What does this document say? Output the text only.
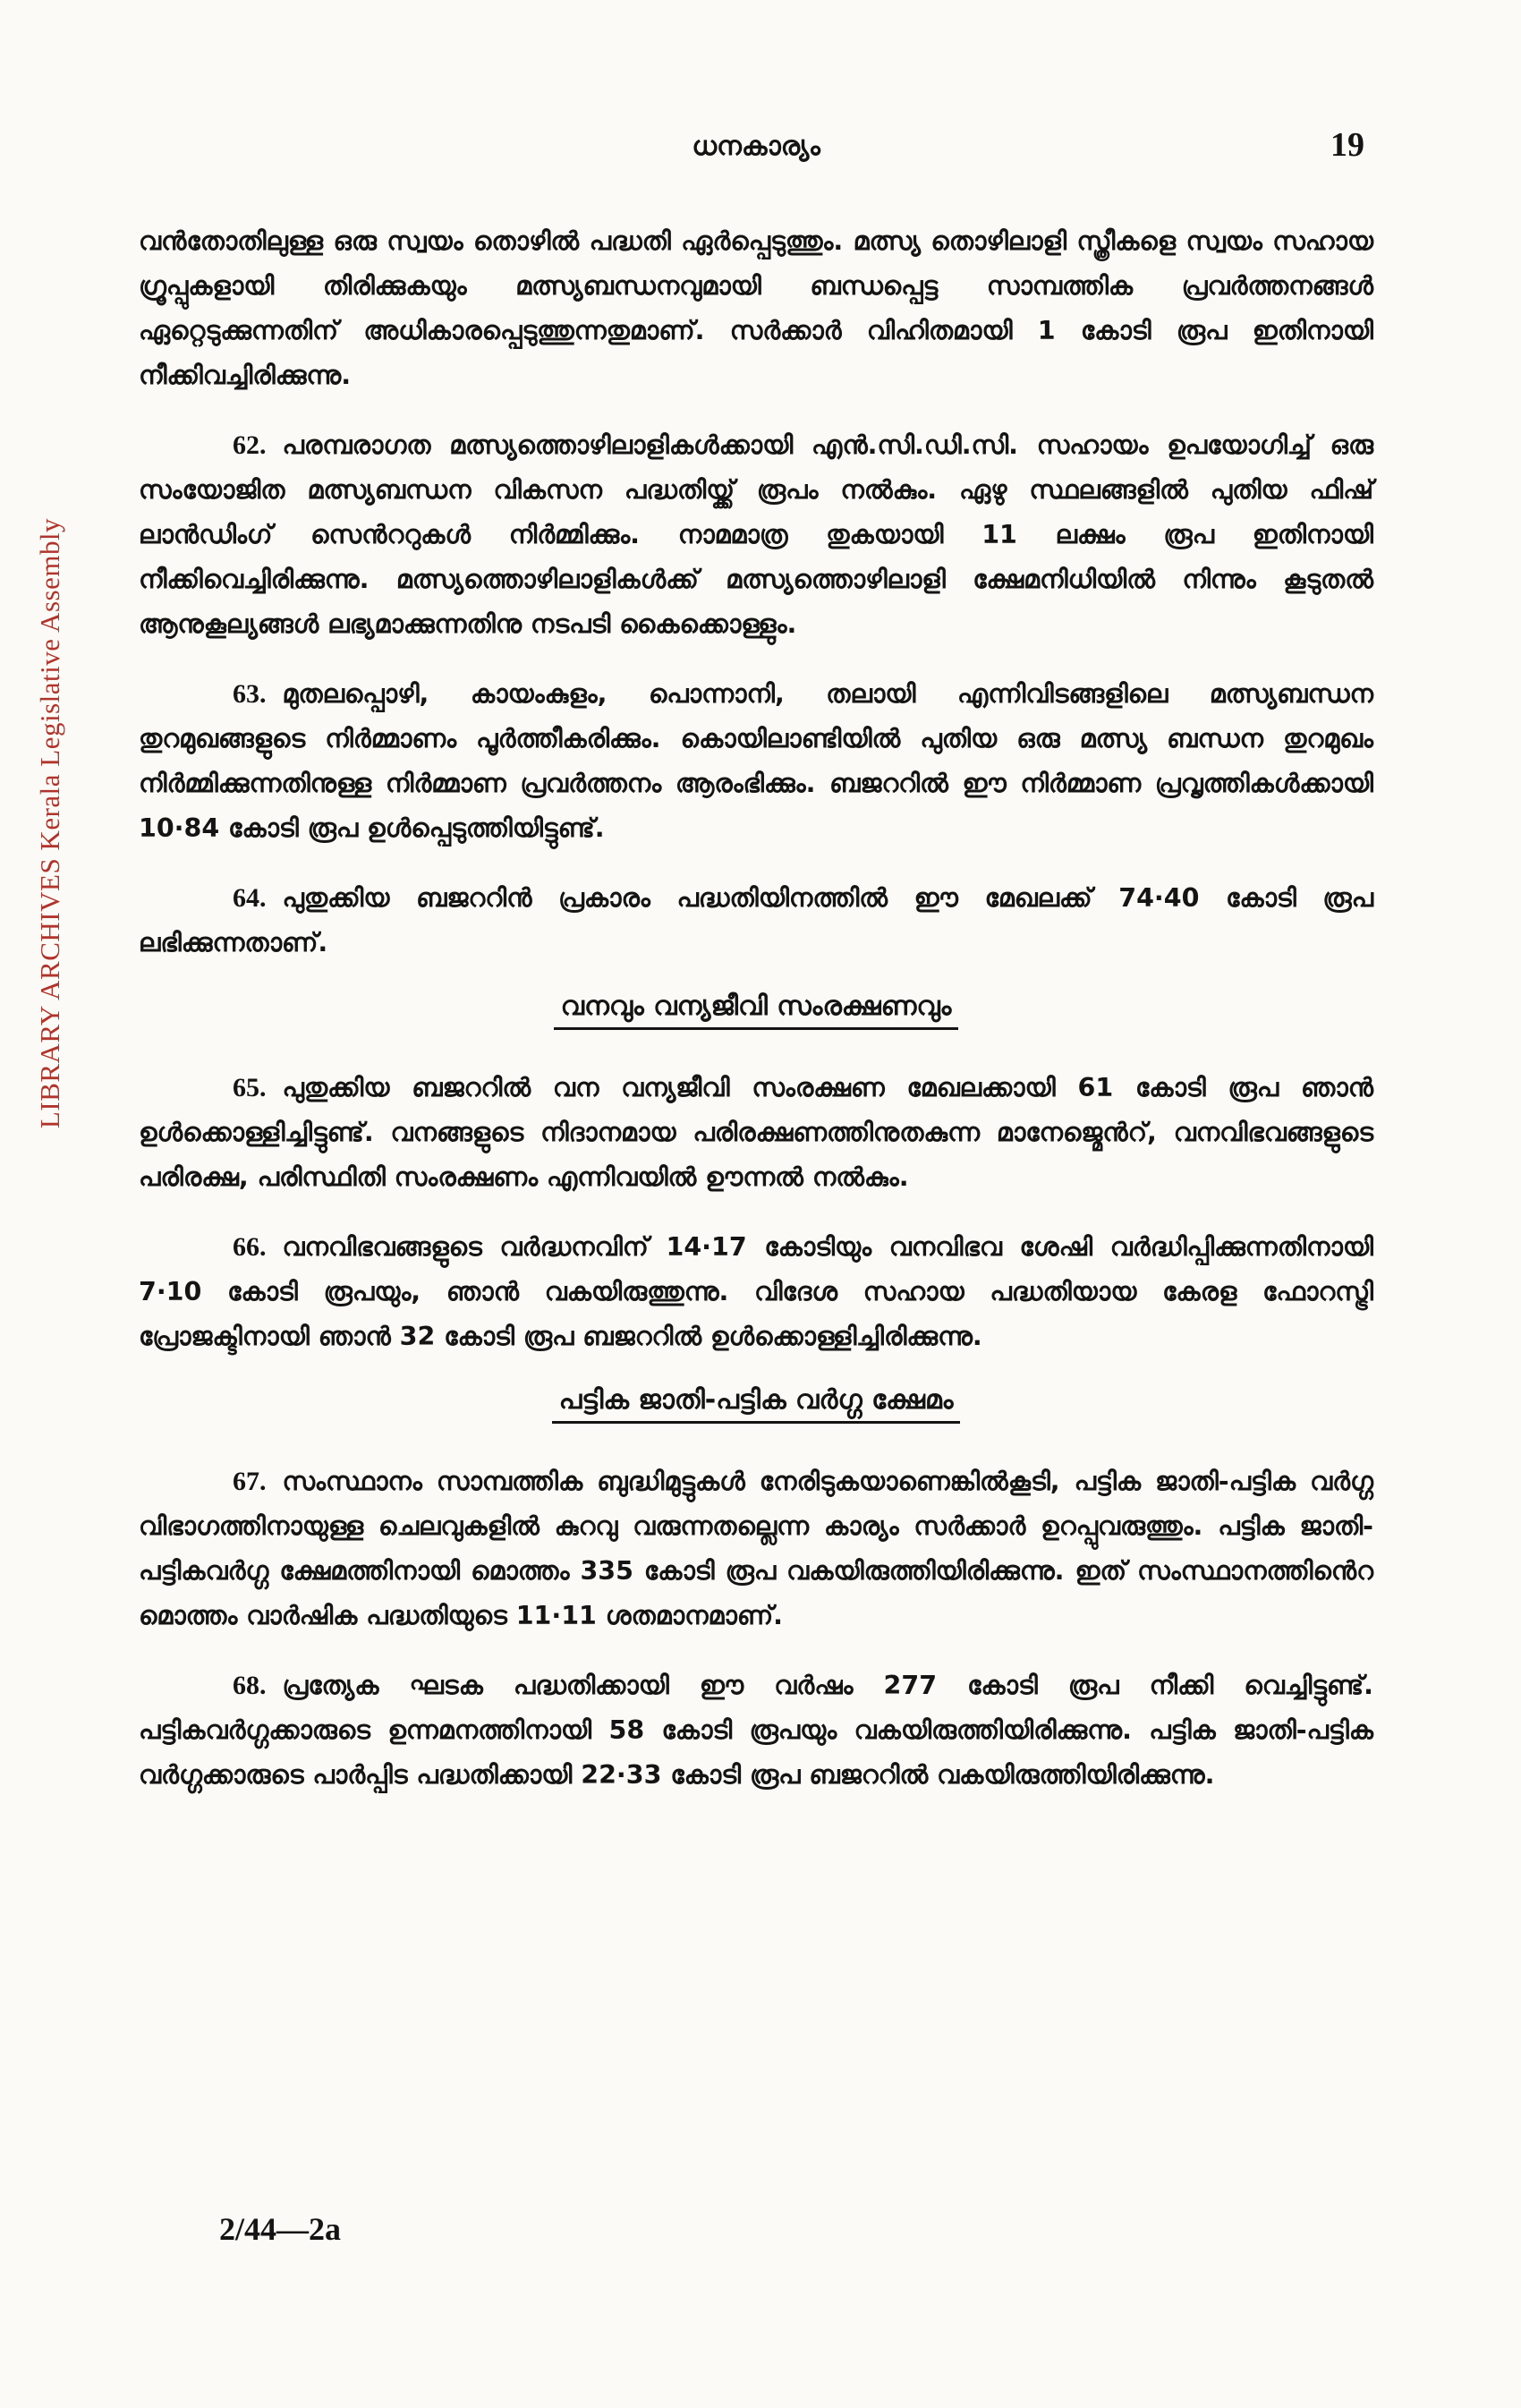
LIBRARY ARCHIVES Kerala Legislative Assembly
ധനകാര്യം	19

വൻതോതിലുള്ള ഒരു സ്വയം തൊഴിൽ പദ്ധതി ഏർപ്പെടുത്തും. മത്സ്യ തൊഴിലാളി സ്ത്രീകളെ സ്വയം സഹായ ഗ്രൂപ്പുകളായി തിരിക്കുകയും മത്സ്യബന്ധനവുമായി ബന്ധപ്പെട്ട സാമ്പത്തിക പ്രവർത്തനങ്ങൾ ഏറ്റെടുക്കുന്നതിന് അധികാരപ്പെടുത്തുന്നതുമാണ്. സർക്കാർ വിഹിതമായി 1 കോടി രൂപ ഇതിനായി നീക്കിവച്ചിരിക്കുന്നു.

62. പരമ്പരാഗത മത്സ്യത്തൊഴിലാളികൾക്കായി എൻ.സി.ഡി.സി. സഹായം ഉപയോഗിച്ച് ഒരു സംയോജിത മത്സ്യബന്ധന വികസന പദ്ധതിയ്ക്ക് രൂപം നൽകും. ഏഴു സ്ഥലങ്ങളിൽ പുതിയ ഫിഷ് ലാൻഡിംഗ് സെൻററുകൾ നിർമ്മിക്കും. നാമമാത്ര തുകയായി 11 ലക്ഷം രൂപ ഇതിനായി നീക്കിവെച്ചിരിക്കുന്നു. മത്സ്യത്തൊഴിലാളികൾക്ക് മത്സ്യത്തൊഴിലാളി ക്ഷേമനിധിയിൽ നിന്നും കൂടുതൽ ആനുകൂല്യങ്ങൾ ലഭ്യമാക്കുന്നതിനു നടപടി കൈക്കൊള്ളും.

63. മുതലപ്പൊഴി, കായംകുളം, പൊന്നാനി, തലായി എന്നിവിടങ്ങളിലെ മത്സ്യബന്ധന തുറമുഖങ്ങളുടെ നിർമ്മാണം പൂർത്തീകരിക്കും. കൊയിലാണ്ടിയിൽ പുതിയ ഒരു മത്സ്യ ബന്ധന തുറമുഖം നിർമ്മിക്കുന്നതിനുള്ള നിർമ്മാണ പ്രവർത്തനം ആരംഭിക്കും. ബജററിൽ ഈ നിർമ്മാണ പ്രവൃത്തികൾക്കായി 10·84 കോടി രൂപ ഉൾപ്പെടുത്തിയിട്ടുണ്ട്.

64. പുതുക്കിയ ബജററിൻ പ്രകാരം പദ്ധതിയിനത്തിൽ ഈ മേഖലക്ക് 74·40 കോടി രൂപ ലഭിക്കുന്നതാണ്.

വനവും വന്യജീവി സംരക്ഷണവും

65. പുതുക്കിയ ബജററിൽ വന വന്യജീവി സംരക്ഷണ മേഖലക്കായി 61 കോടി രൂപ ഞാൻ ഉൾക്കൊള്ളിച്ചിട്ടുണ്ട്. വനങ്ങളുടെ നിദാനമായ പരിരക്ഷണത്തിനുതകുന്ന മാനേജ്മെൻറ്, വനവിഭവങ്ങളുടെ പരിരക്ഷ, പരിസ്ഥിതി സംരക്ഷണം എന്നിവയിൽ ഊന്നൽ നൽകും.

66. വനവിഭവങ്ങളുടെ വർദ്ധനവിന് 14·17 കോടിയും വനവിഭവ ശേഷി വർദ്ധിപ്പിക്കുന്നതിനായി 7·10 കോടി രൂപയും, ഞാൻ വകയിരുത്തുന്നു. വിദേശ സഹായ പദ്ധതിയായ കേരള ഫോറസ്ട്രി പ്രോജക്ടിനായി ഞാൻ 32 കോടി രൂപ ബജററിൽ ഉൾക്കൊള്ളിച്ചിരിക്കുന്നു.

പട്ടിക ജാതി-പട്ടിക വർഗ്ഗ ക്ഷേമം

67. സംസ്ഥാനം സാമ്പത്തിക ബുദ്ധിമുട്ടുകൾ നേരിടുകയാണെങ്കിൽകൂടി, പട്ടിക ജാതി-പട്ടിക വർഗ്ഗ വിഭാഗത്തിനായുള്ള ചെലവുകളിൽ കുറവു വരുന്നതല്ലെന്ന കാര്യം സർക്കാർ ഉറപ്പുവരുത്തും. പട്ടിക ജാതി-പട്ടികവർഗ്ഗ ക്ഷേമത്തിനായി മൊത്തം 335 കോടി രൂപ വകയിരുത്തിയിരിക്കുന്നു. ഇത് സംസ്ഥാനത്തിൻെറ മൊത്തം വാർഷിക പദ്ധതിയുടെ 11·11 ശതമാനമാണ്.

68. പ്രത്യേക ഘടക പദ്ധതിക്കായി ഈ വർഷം 277 കോടി രൂപ നീക്കി വെച്ചിട്ടുണ്ട്. പട്ടികവർഗ്ഗക്കാരുടെ ഉന്നമനത്തിനായി 58 കോടി രൂപയും വകയിരുത്തിയിരിക്കുന്നു. പട്ടിക ജാതി-പട്ടിക വർഗ്ഗക്കാരുടെ പാർപ്പിട പദ്ധതിക്കായി 22·33 കോടി രൂപ ബജററിൽ വകയിരുത്തിയിരിക്കുന്നു.

2/44—2a
